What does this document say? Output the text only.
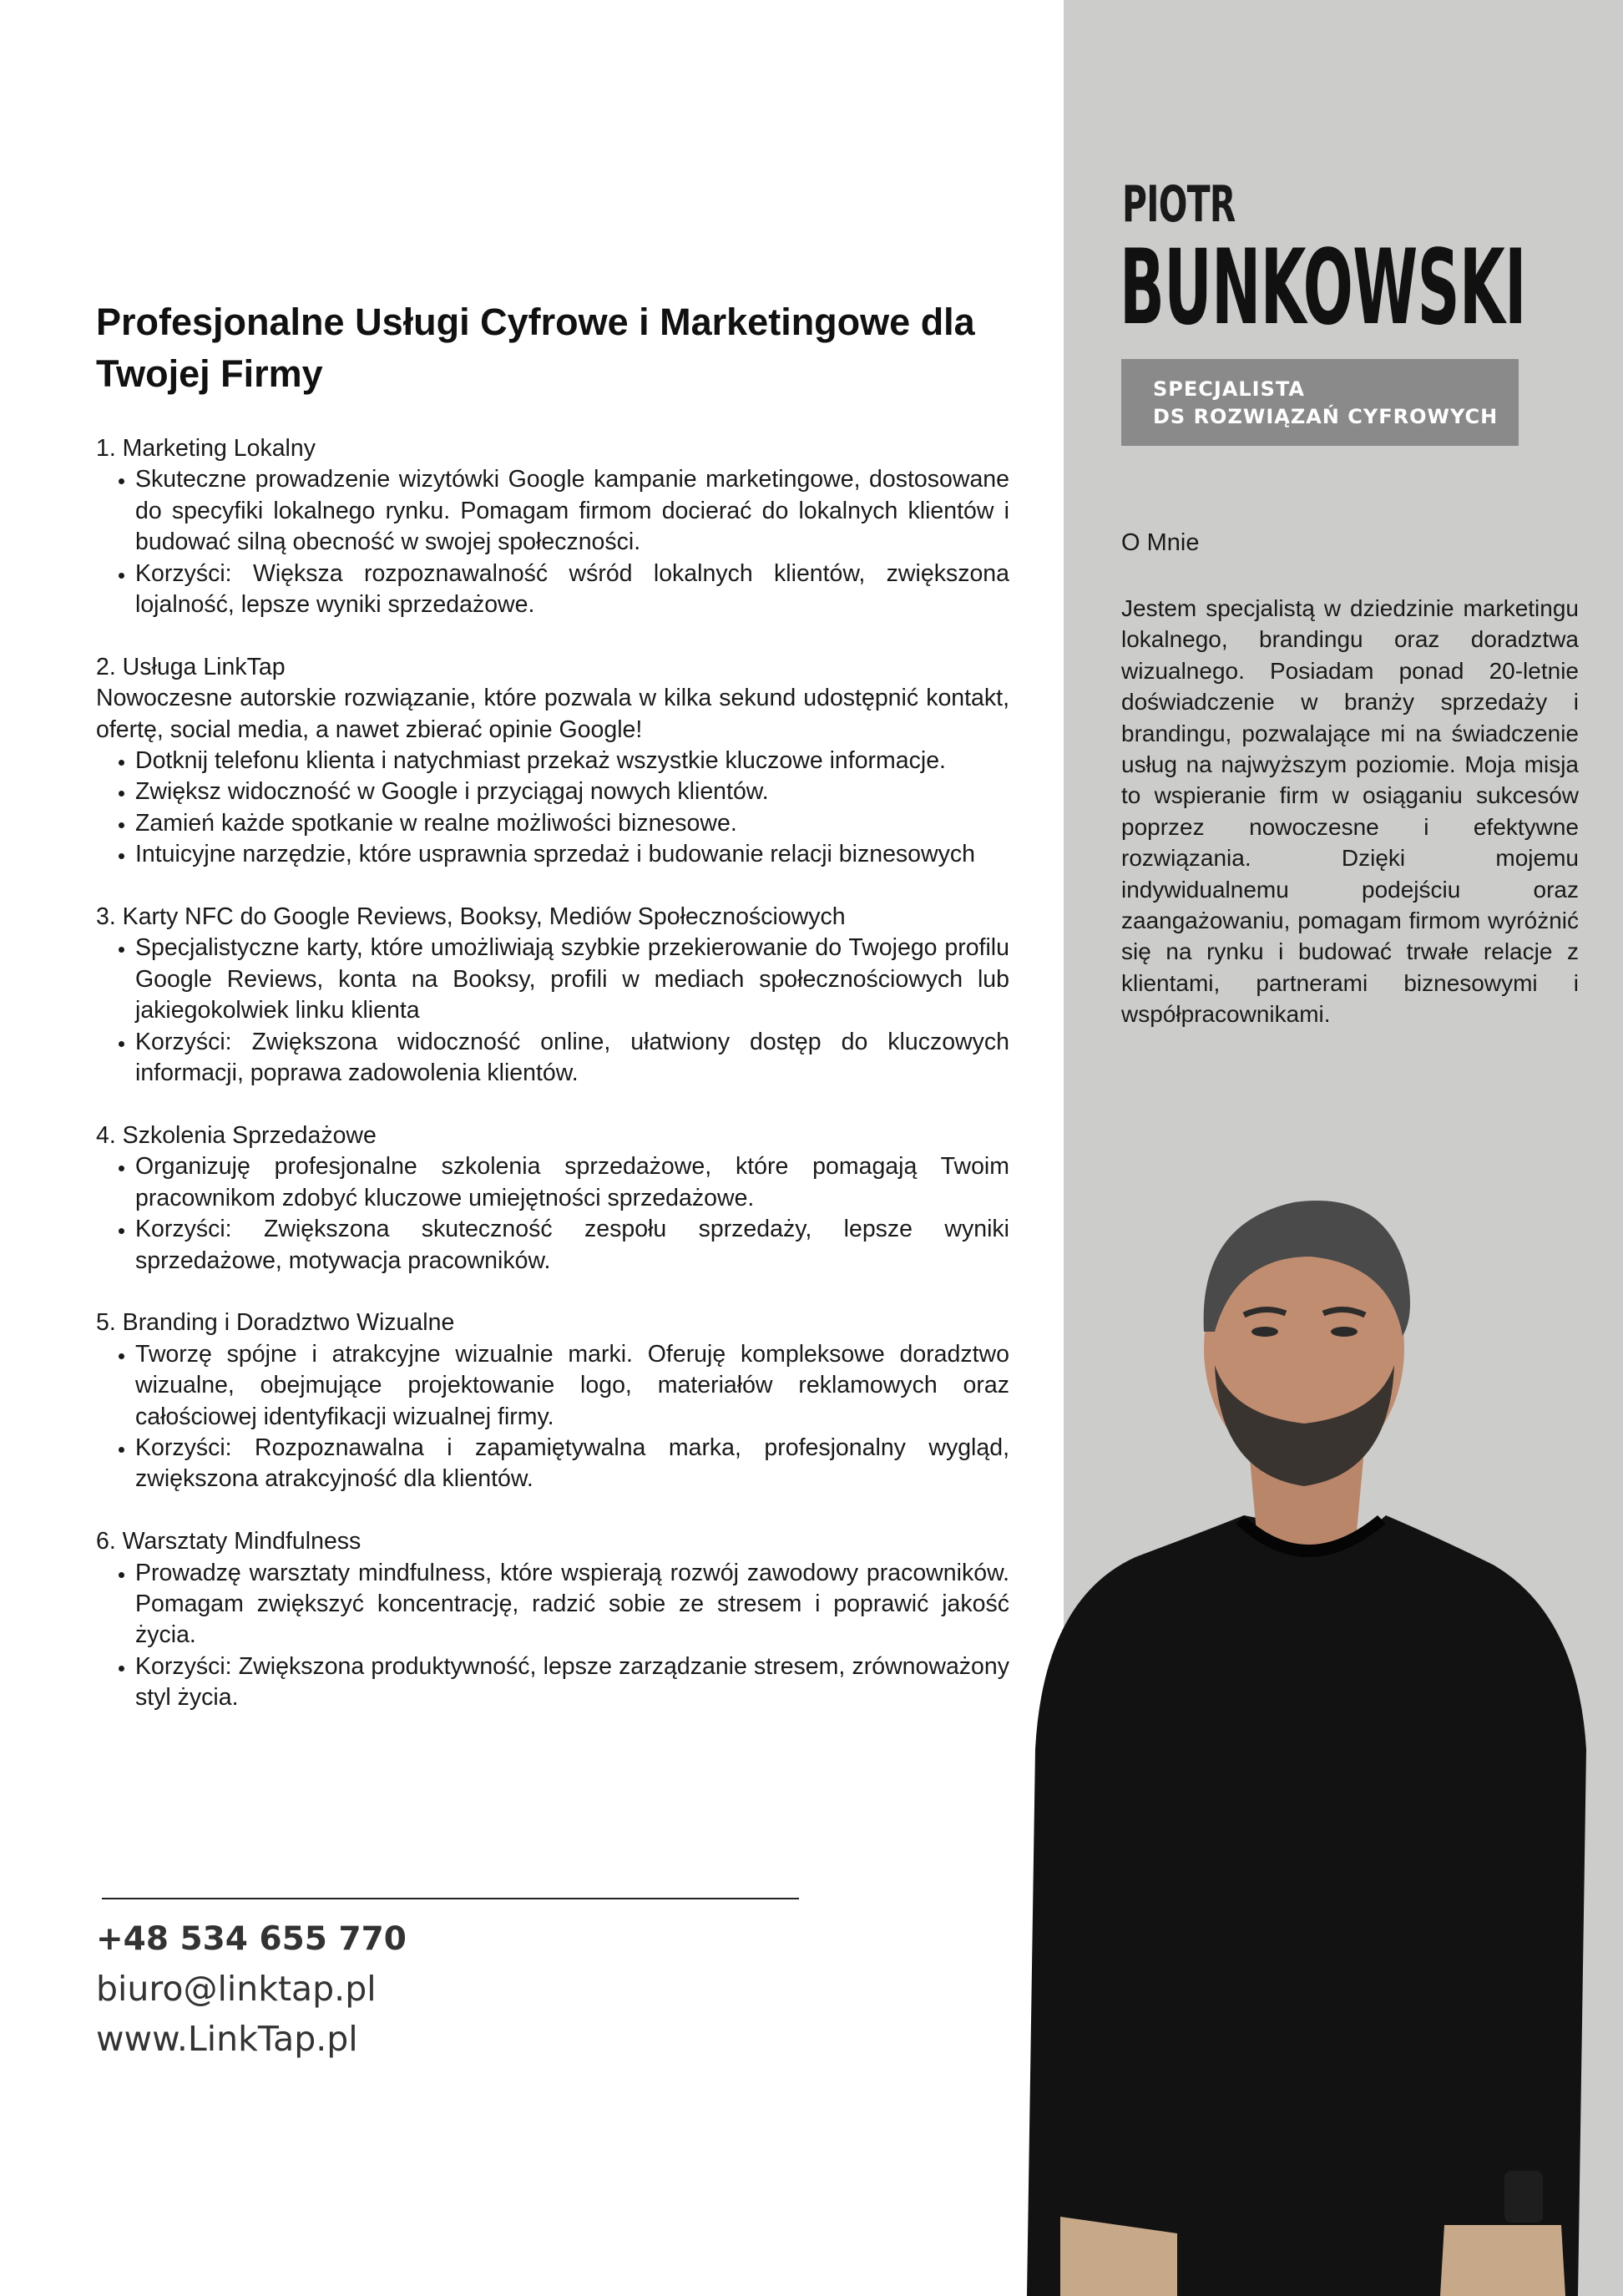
PIOTR
BUNKOWSKI
SPECJALISTA
DS ROZWIĄZAŃ CYFROWYCH
O Mnie

Jestem specjalistą w dziedzinie marketingu lokalnego, brandingu oraz doradztwa wizualnego. Posiadam ponad 20-letnie doświadczenie w branży sprzedaży i brandingu, pozwalające mi na świadczenie usług na najwyższym poziomie. Moja misja to wspieranie firm w osiąganiu sukcesów poprzez nowoczesne i efektywne rozwiązania. Dzięki mojemu indywidualnemu podejściu oraz zaangażowaniu, pomagam firmom wyróżnić się na rynku i budować trwałe relacje z klientami, partnerami biznesowymi i współpracownikami.

Profesjonalne Usługi Cyfrowe i Marketingowe dla Twojej Firmy

1. Marketing Lokalny

• Skuteczne prowadzenie wizytówki Google kampanie marketingowe, dostosowane do specyfiki lokalnego rynku. Pomagam firmom docierać do lokalnych klientów i budować silną obecność w swojej społeczności.
• Korzyści: Większa rozpoznawalność wśród lokalnych klientów, zwiększona lojalność, lepsze wyniki sprzedażowe.

2. Usługa LinkTap

Nowoczesne autorskie rozwiązanie, które pozwala w kilka sekund udostępnić kontakt, ofertę, social media, a nawet zbierać opinie Google!

• Dotknij telefonu klienta i natychmiast przekaż wszystkie kluczowe informacje.
• Zwiększ widoczność w Google i przyciągaj nowych klientów.
• Zamień każde spotkanie w realne możliwości biznesowe.
• Intuicyjne narzędzie, które usprawnia sprzedaż i budowanie relacji biznesowych

3. Karty NFC do Google Reviews, Booksy, Mediów Społecznościowych

• Specjalistyczne karty, które umożliwiają szybkie przekierowanie do Twojego profilu Google Reviews, konta na Booksy, profili w mediach społecznościowych lub jakiegokolwiek linku klienta
• Korzyści: Zwiększona widoczność online, ułatwiony dostęp do kluczowych informacji, poprawa zadowolenia klientów.

4. Szkolenia Sprzedażowe

• Organizuję profesjonalne szkolenia sprzedażowe, które pomagają Twoim pracownikom zdobyć kluczowe umiejętności sprzedażowe.
• Korzyści: Zwiększona skuteczność zespołu sprzedaży, lepsze wyniki sprzedażowe, motywacja pracowników.

5. Branding i Doradztwo Wizualne

• Tworzę spójne i atrakcyjne wizualnie marki. Oferuję kompleksowe doradztwo wizualne, obejmujące projektowanie logo, materiałów reklamowych oraz całościowej identyfikacji wizualnej firmy.
• Korzyści: Rozpoznawalna i zapamiętywalna marka, profesjonalny wygląd, zwiększona atrakcyjność dla klientów.

6. Warsztaty Mindfulness

• Prowadzę warsztaty mindfulness, które wspierają rozwój zawodowy pracowników. Pomagam zwiększyć koncentrację, radzić sobie ze stresem i poprawić jakość życia.
• Korzyści: Zwiększona produktywność, lepsze zarządzanie stresem, zrównoważony styl życia.

+48 534 655 770

biuro@linktap.pl

www.LinkTap.pl
